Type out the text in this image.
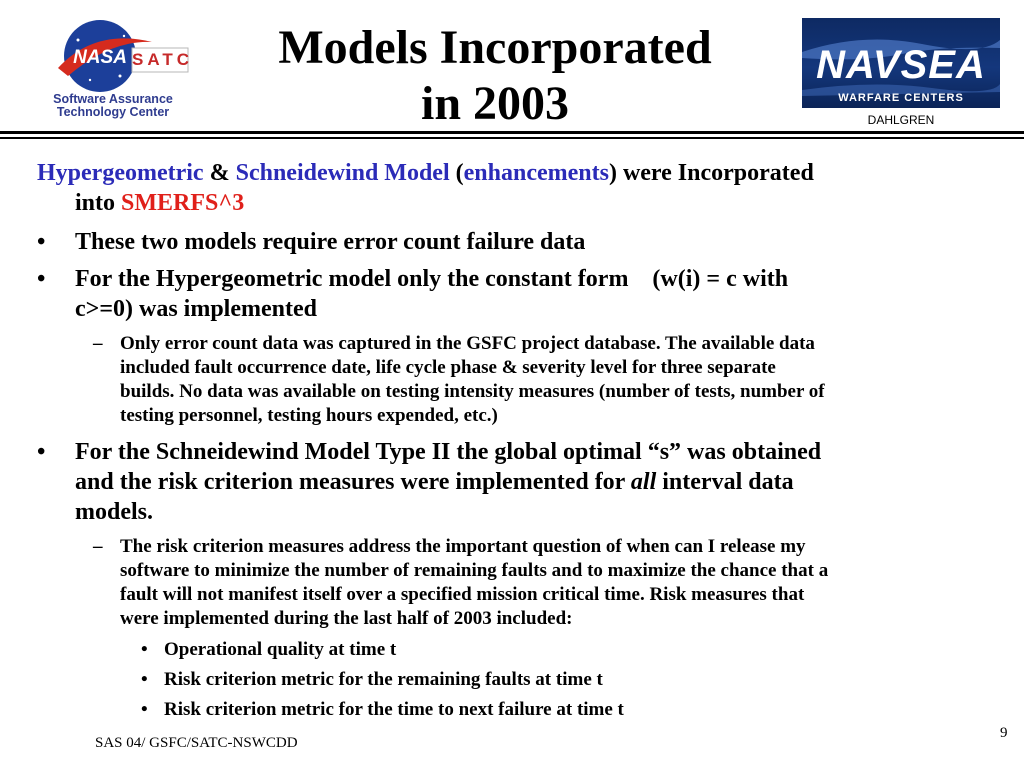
NASA SATC
Software Assurance
Technology Center
Models Incorporated
in 2003
NAVSEA
WARFARE CENTERS
DAHLGREN
Hypergeometric & Schneidewind Model (enhancements) were Incorporated
into SMERFS^3
• These two models require error count failure data
• For the Hypergeometric model only the constant form    (w(i) = c with
c>=0) was implemented
– Only error count data was captured in the GSFC project database. The available data
included fault occurrence date, life cycle phase & severity level for three separate
builds. No data was available on testing intensity measures (number of tests, number of
testing personnel, testing hours expended, etc.)
• For the Schneidewind Model Type II the global optimal “s” was obtained
and the risk criterion measures were implemented for all interval data
models.
– The risk criterion measures address the important question of when can I release my
software to minimize the number of remaining faults and to maximize the chance that a
fault will not manifest itself over a specified mission critical time. Risk measures that
were implemented during the last half of 2003 included:
• Operational quality at time t
• Risk criterion metric for the remaining faults at time t
• Risk criterion metric for the time to next failure at time t
SAS 04/ GSFC/SATC-NSWCDD
9
